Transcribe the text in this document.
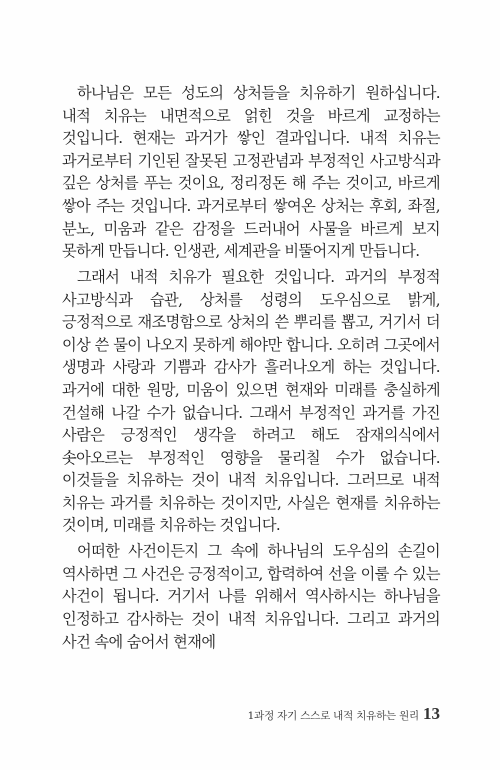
하나님은 모든 성도의 상처들을 치유하기 원하십니다. 내적 치유는 내면적으로 얽힌 것을 바르게 교정하는 것입니다. 현재는 과거가 쌓인 결과입니다. 내적 치유는 과거로부터 기인된 잘못된 고정관념과 부정적인 사고방식과 깊은 상처를 푸는 것이요, 정리정돈 해 주는 것이고, 바르게 쌓아 주는 것입니다. 과거로부터 쌓여온 상처는 후회, 좌절, 분노, 미움과 같은 감정을 드러내어 사물을 바르게 보지 못하게 만듭니다. 인생관, 세계관을 비뚤어지게 만듭니다.

그래서 내적 치유가 필요한 것입니다. 과거의 부정적 사고방식과 습관, 상처를 성령의 도우심으로 밝게, 긍정적으로 재조명함으로 상처의 쓴 뿌리를 뽑고, 거기서 더 이상 쓴 물이 나오지 못하게 해야만 합니다. 오히려 그곳에서 생명과 사랑과 기쁨과 감사가 흘러나오게 하는 것입니다. 과거에 대한 원망, 미움이 있으면 현재와 미래를 충실하게 건설해 나갈 수가 없습니다. 그래서 부정적인 과거를 가진 사람은 긍정적인 생각을 하려고 해도 잠재의식에서 솟아오르는 부정적인 영향을 물리칠 수가 없습니다. 이것들을 치유하는 것이 내적 치유입니다. 그러므로 내적 치유는 과거를 치유하는 것이지만, 사실은 현재를 치유하는 것이며, 미래를 치유하는 것입니다.

어떠한 사건이든지 그 속에 하나님의 도우심의 손길이 역사하면 그 사건은 긍정적이고, 합력하여 선을 이룰 수 있는 사건이 됩니다. 거기서 나를 위해서 역사하시는 하나님을 인정하고 감사하는 것이 내적 치유입니다. 그리고 과거의 사건 속에 숨어서 현재에

1과정 자기 스스로 내적 치유하는 원리 13
